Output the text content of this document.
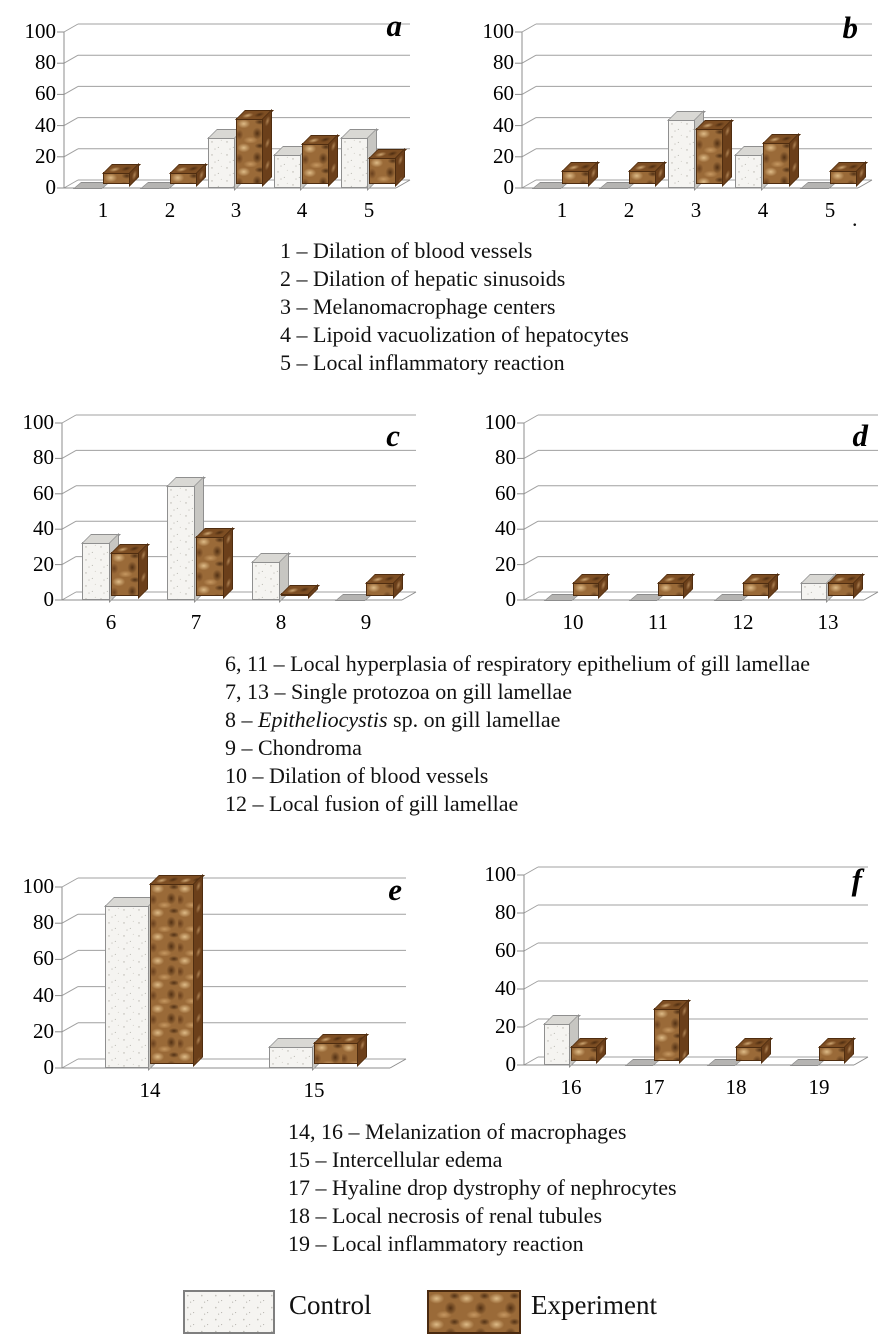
0
20
40
60
80
100
1	2	3	4	5
a
0
20
40
60
80
100
1	2	3	4	5
b
0
20
40
60
80
100
6	7	8	9
c
0
20
40
60
80
100
10	11	12	13
d
0
20
40
60
80
100
14	15
e
0
20
40
60
80
100
16	17	18	19
f
1 – Dilation of blood vessels
2 – Dilation of hepatic sinusoids
3 – Melanomacrophage centers
4 – Lipoid vacuolization of hepatocytes
5 – Local inflammatory reaction
6, 11 – Local hyperplasia of respiratory epithelium of gill lamellae
7, 13 – Single protozoa on gill lamellae
8 – Epitheliocystis sp. on gill lamellae
9 – Chondroma
10 – Dilation of blood vessels
12 – Local fusion of gill lamellae
14, 16 – Melanization of macrophages
15 – Intercellular edema
17 – Hyaline drop dystrophy of nephrocytes
18 – Local necrosis of renal tubules
19 – Local inflammatory reaction
Control	Experiment
.
